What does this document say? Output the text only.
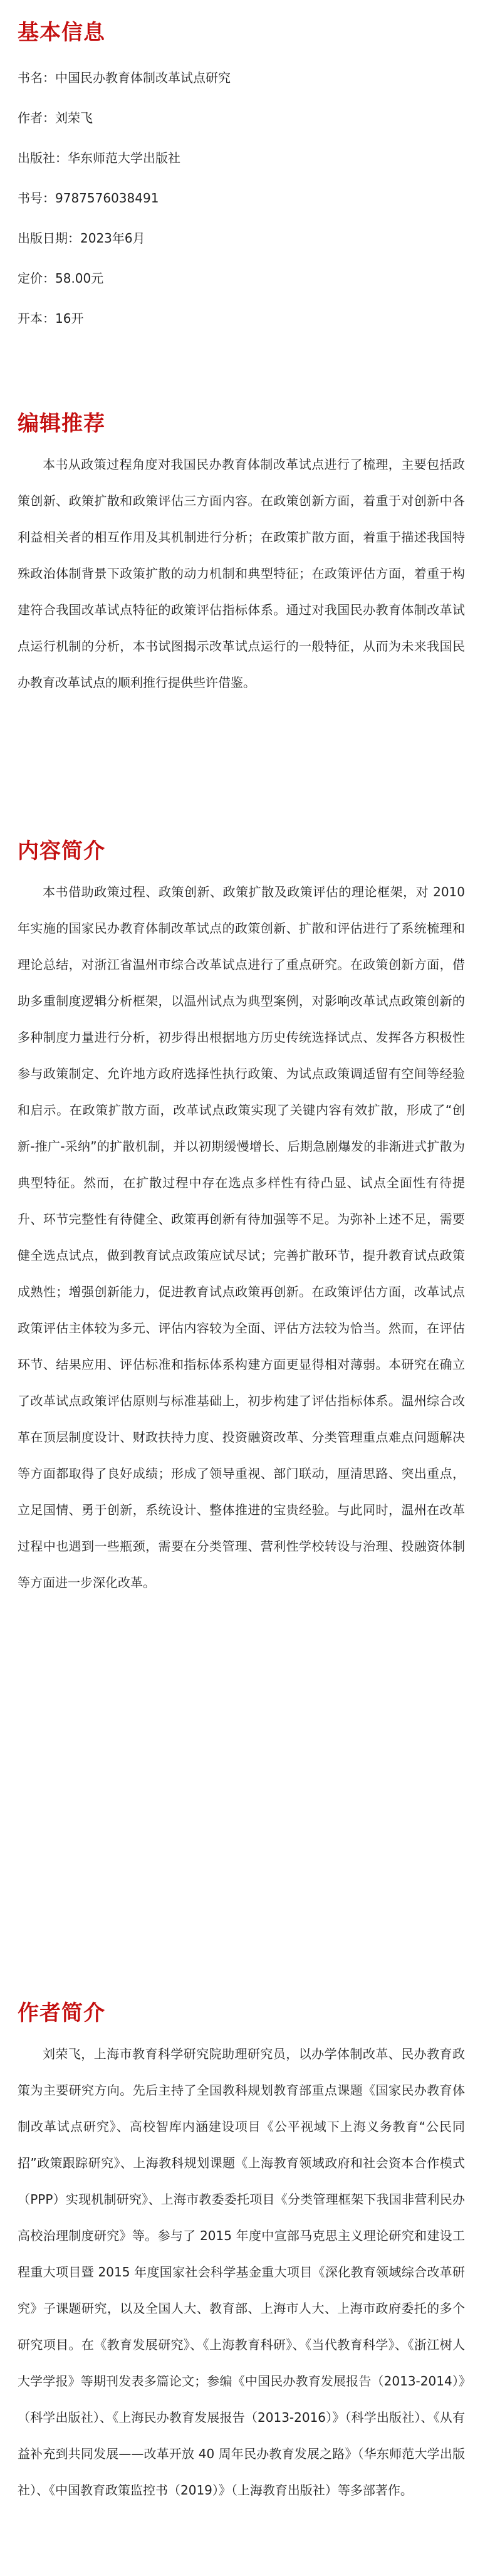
基本信息
书名：中国民办教育体制改革试点研究
作者：刘荣飞
出版社：华东师范大学出版社
书号：9787576038491
出版日期：2023年6月
定价：58.00元
开本：16开
编辑推荐

本书从政策过程角度对我国民办教育体制改革试点进行了梳理，主要包括政策创新、政策扩散和政策评估三方面内容。在政策创新方面，着重于对创新中各利益相关者的相互作用及其机制进行分析；在政策扩散方面，着重于描述我国特殊政治体制背景下政策扩散的动力机制和典型特征；在政策评估方面，着重于构建符合我国改革试点特征的政策评估指标体系。通过对我国民办教育体制改革试点运行机制的分析，本书试图揭示改革试点运行的一般特征，从而为未来我国民办教育改革试点的顺利推行提供些许借鉴。

内容简介

本书借助政策过程、政策创新、政策扩散及政策评估的理论框架，对 2010 年实施的国家民办教育体制改革试点的政策创新、扩散和评估进行了系统梳理和理论总结，对浙江省温州市综合改革试点进行了重点研究。在政策创新方面，借助多重制度逻辑分析框架，以温州试点为典型案例，对影响改革试点政策创新的多种制度力量进行分析，初步得出根据地方历史传统选择试点、发挥各方积极性参与政策制定、允许地方政府选择性执行政策、为试点政策调适留有空间等经验和启示。在政策扩散方面，改革试点政策实现了关键内容有效扩散，形成了“创新-推广-采纳”的扩散机制，并以初期缓慢增长、后期急剧爆发的非渐进式扩散为典型特征。然而，在扩散过程中存在选点多样性有待凸显、试点全面性有待提升、环节完整性有待健全、政策再创新有待加强等不足。为弥补上述不足，需要健全选点试点，做到教育试点政策应试尽试；完善扩散环节，提升教育试点政策成熟性；增强创新能力，促进教育试点政策再创新。在政策评估方面，改革试点政策评估主体较为多元、评估内容较为全面、评估方法较为恰当。然而，在评估环节、结果应用、评估标准和指标体系构建方面更显得相对薄弱。本研究在确立了改革试点政策评估原则与标准基础上，初步构建了评估指标体系。温州综合改革在顶层制度设计、财政扶持力度、投资融资改革、分类管理重点难点问题解决等方面都取得了良好成绩；形成了领导重视、部门联动，厘清思路、突出重点，立足国情、勇于创新，系统设计、整体推进的宝贵经验。与此同时，温州在改革过程中也遇到一些瓶颈，需要在分类管理、营利性学校转设与治理、投融资体制等方面进一步深化改革。

作者简介

刘荣飞，上海市教育科学研究院助理研究员，以办学体制改革、民办教育政策为主要研究方向。先后主持了全国教科规划教育部重点课题《国家民办教育体制改革试点研究》、高校智库内涵建设项目《公平视域下上海义务教育“公民同招”政策跟踪研究》、上海教科规划课题《上海教育领域政府和社会资本合作模式（PPP）实现机制研究》、上海市教委委托项目《分类管理框架下我国非营利民办高校治理制度研究》等。参与了 2015 年度中宣部马克思主义理论研究和建设工程重大项目暨 2015 年度国家社会科学基金重大项目《深化教育领域综合改革研究》子课题研究，以及全国人大、教育部、上海市人大、上海市政府委托的多个研究项目。在《教育发展研究》、《上海教育科研》、《当代教育科学》、《浙江树人大学学报》等期刊发表多篇论文；参编《中国民办教育发展报告（2013-2014）》（科学出版社）、《上海民办教育发展报告（2013-2016）》（科学出版社）、《从有益补充到共同发展——改革开放 40 周年民办教育发展之路》（华东师范大学出版社）、《中国教育政策监控书（2019）》（上海教育出版社）等多部著作。
